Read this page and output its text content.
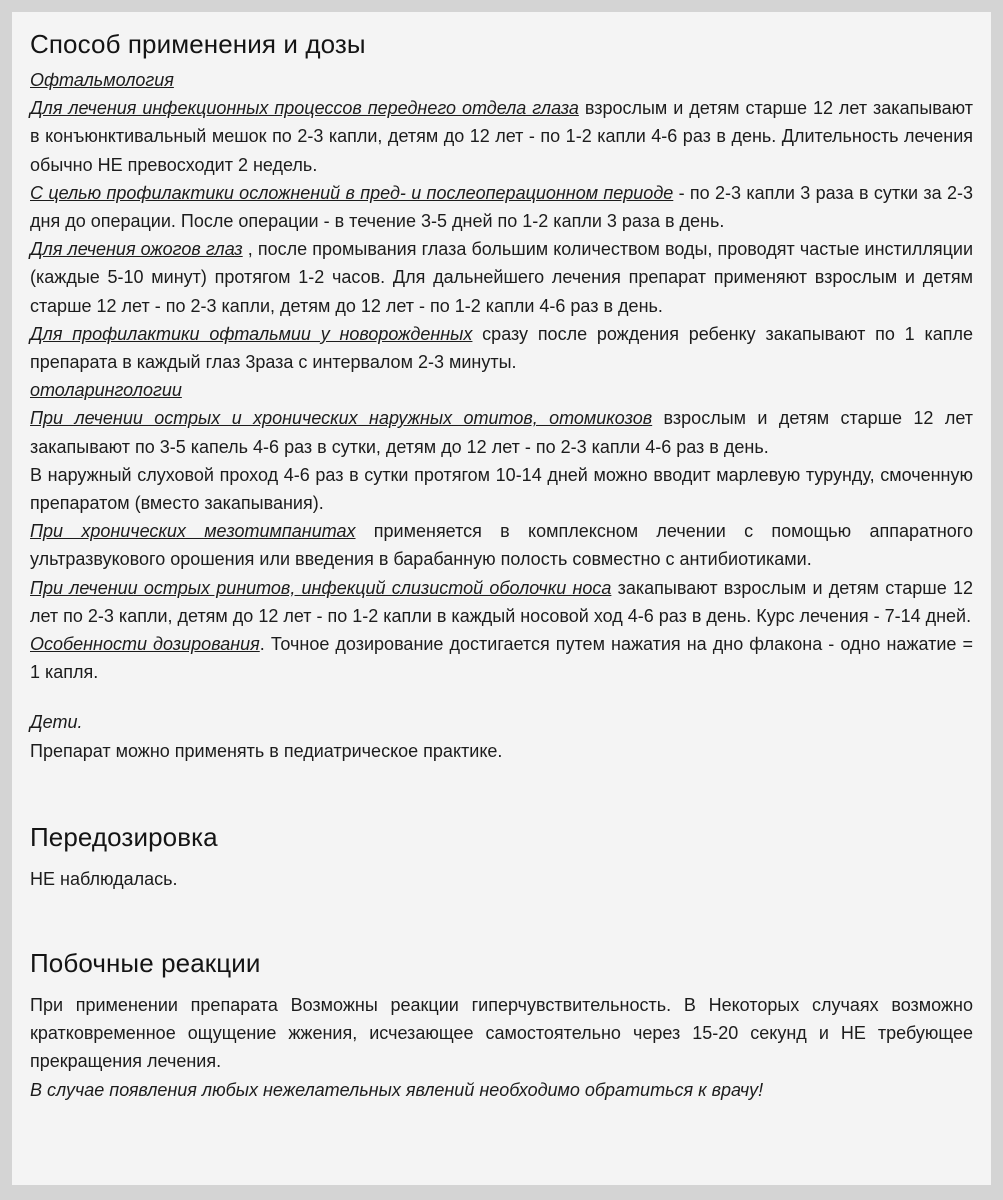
Способ применения и дозы
Офтальмология

Для лечения инфекционных процессов переднего отдела глаза взрослым и детям старше 12 лет закапывают в конъюнктивальный мешок по 2-3 капли, детям до 12 лет - по 1-2 капли 4-6 раз в день. Длительность лечения обычно НЕ превосходит 2 недель.

С целью профилактики осложнений в пред- и послеоперационном периоде - по 2-3 капли 3 раза в сутки за 2-3 дня до операции. После операции - в течение 3-5 дней по 1-2 капли 3 раза в день.

Для лечения ожогов глаз , после промывания глаза большим количеством воды, проводят частые инстилляции (каждые 5-10 минут) протягом 1-2 часов. Для дальнейшего лечения препарат применяют взрослым и детям старше 12 лет - по 2-3 капли, детям до 12 лет - по 1-2 капли 4-6 раз в день.

Для профилактики офтальмии у новорожденных сразу после рождения ребенку закапывают по 1 капле препарата в каждый глаз 3раза с интервалом 2-3 минуты.

отоларингологии

При лечении острых и хронических наружных отитов, отомикозов взрослым и детям старше 12 лет закапывают по 3-5 капель 4-6 раз в сутки, детям до 12 лет - по 2-3 капли 4-6 раз в день.

В наружный слуховой проход 4-6 раз в сутки протягом 10-14 дней можно вводит марлевую турунду, смоченную препаратом (вместо закапывания).

При хронических мезотимпанитах применяется в комплексном лечении с помощью аппаратного ультразвукового орошения или введения в барабанную полость совместно с антибиотиками.

При лечении острых ринитов, инфекций слизистой оболочки носа закапывают взрослым и детям старше 12 лет по 2-3 капли, детям до 12 лет - по 1-2 капли в каждый носовой ход 4-6 раз в день. Курс лечения - 7-14 дней.

Особенности дозирования. Точное дозирование достигается путем нажатия на дно флакона - одно нажатие = 1 капля.

Дети.

Препарат можно применять в педиатрическое практике.

Передозировка

НЕ наблюдалась.

Побочные реакции

При применении препарата Возможны реакции гиперчувствительность. В Некоторых случаях возможно кратковременное ощущение жжения, исчезающее самостоятельно через 15-20 секунд и НЕ требующее прекращения лечения.

В случае появления любых нежелательных явлений необходимо обратиться к врачу!
